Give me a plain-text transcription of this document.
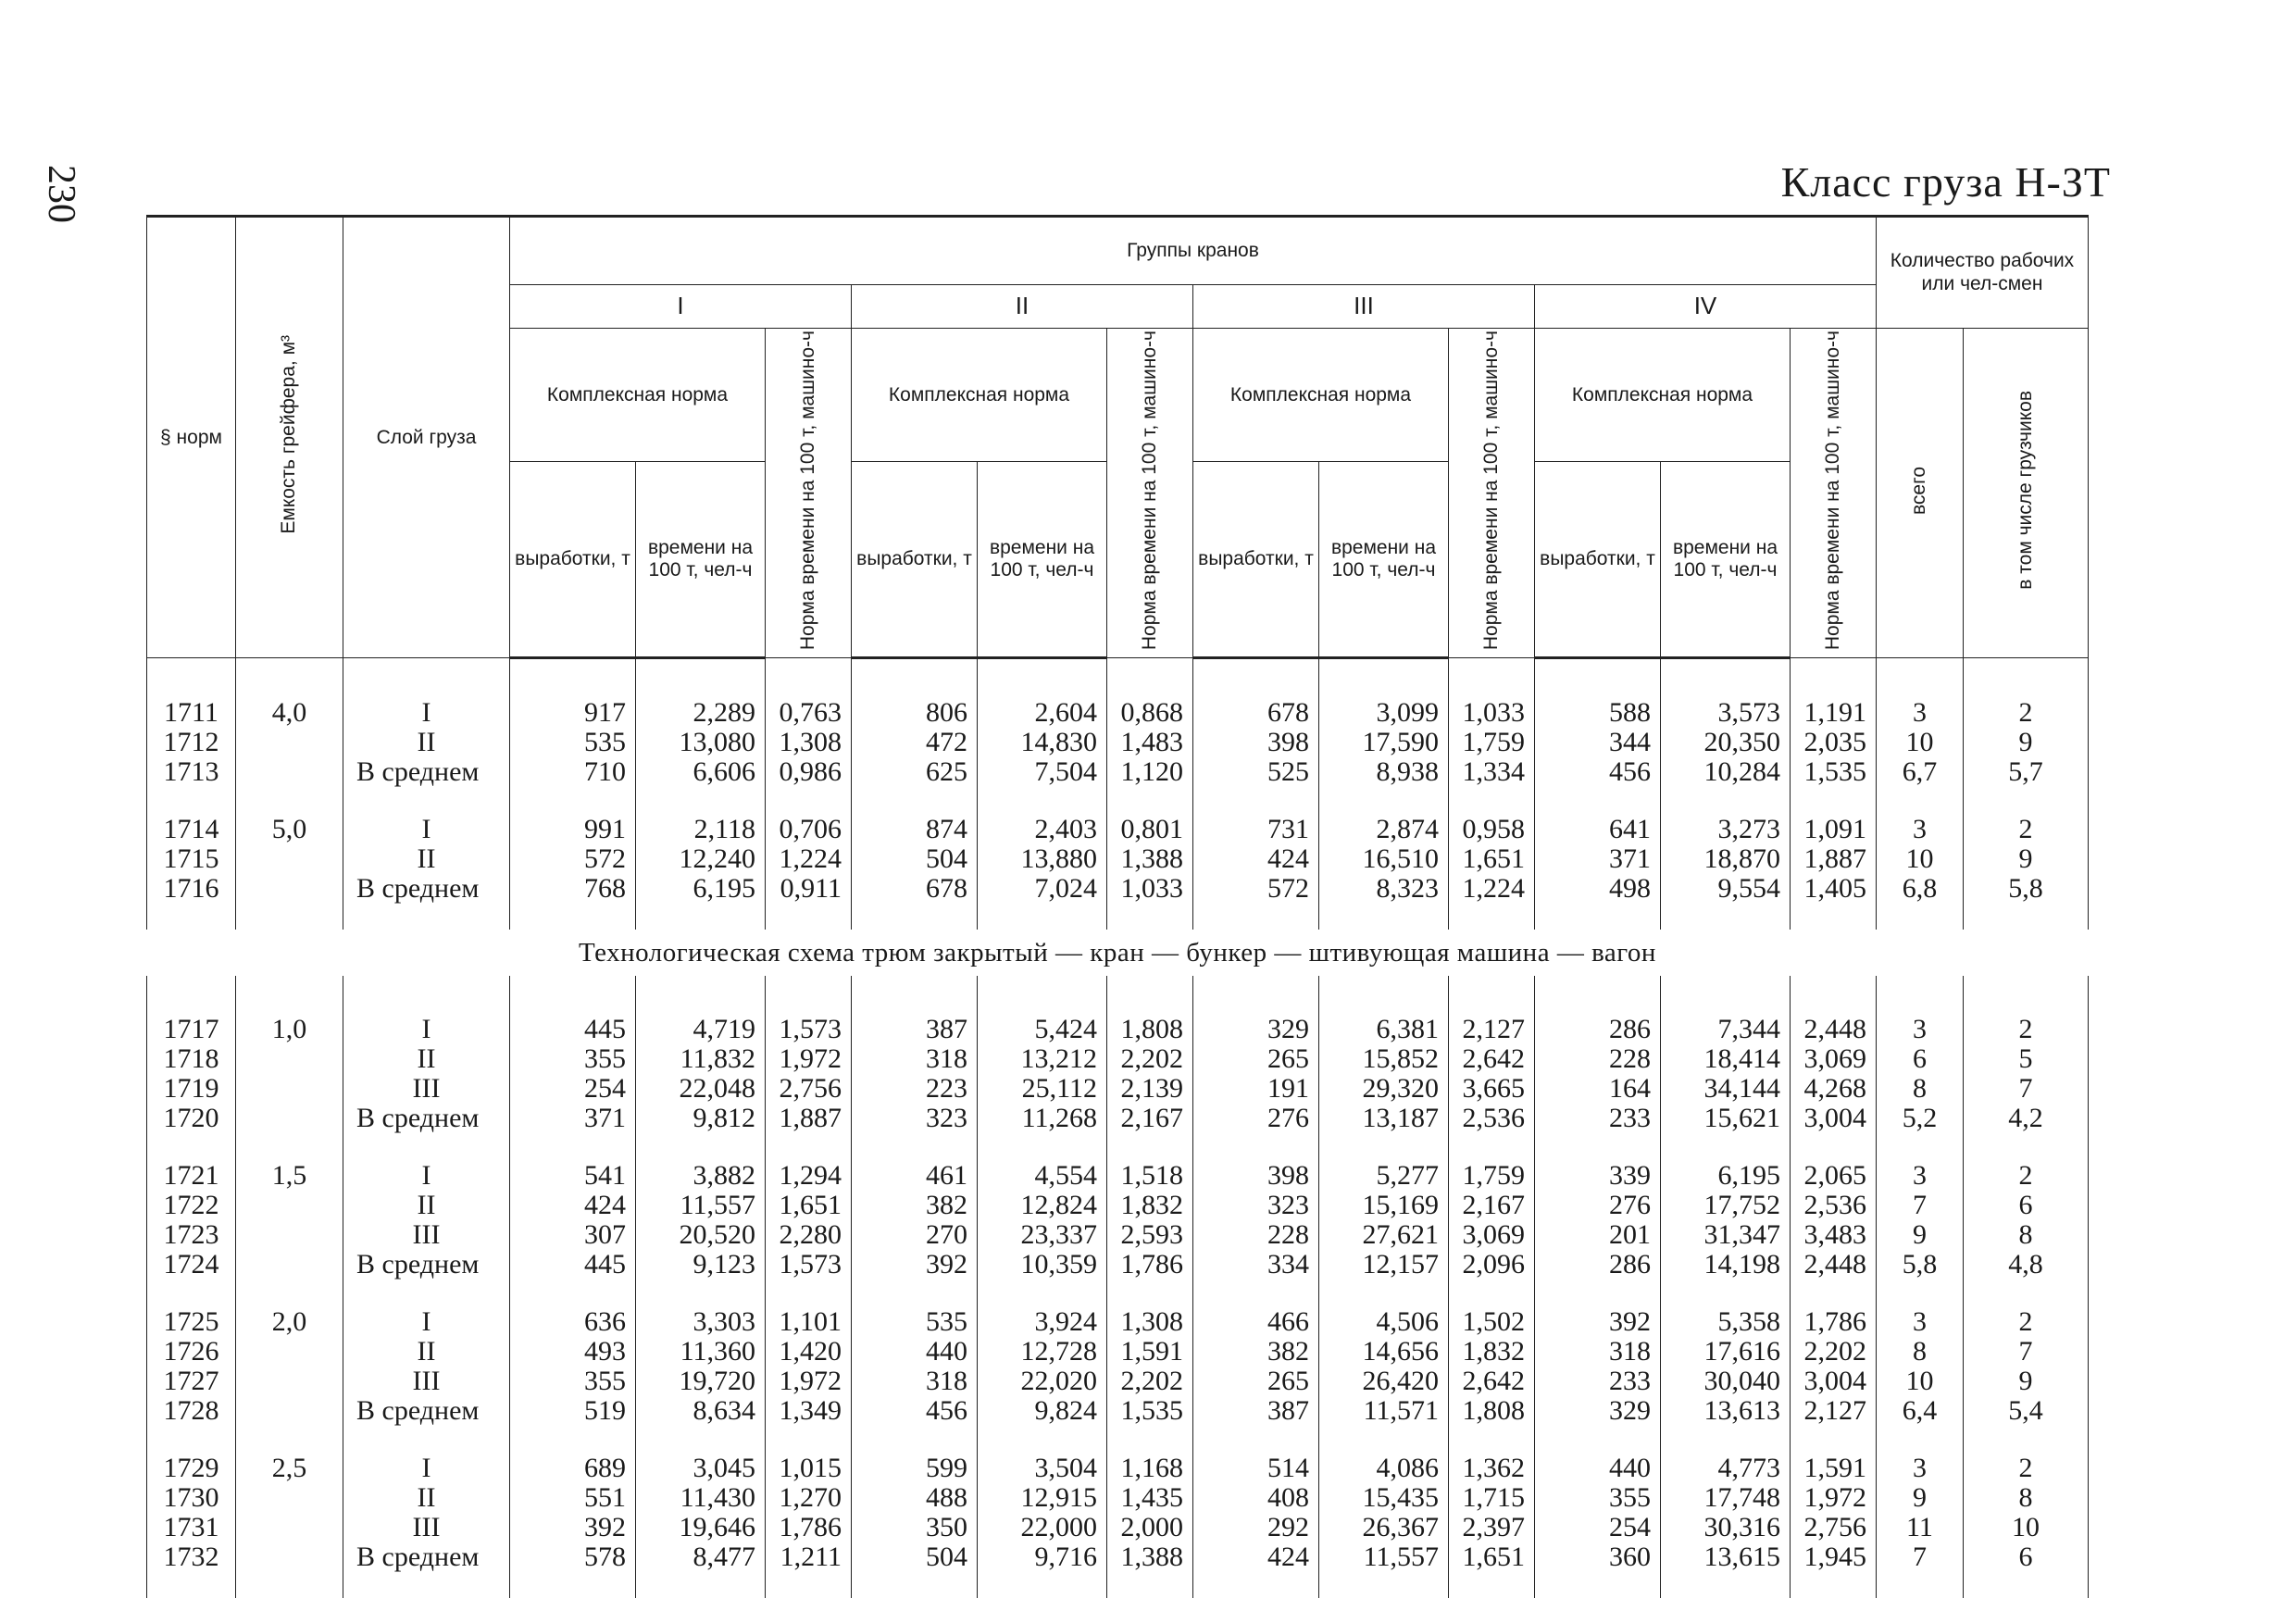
230	Класс груза Н-ЗТ
§ норм	Емкость грейфера, м³	Слой груза	Группы кранов												Количество рабочих или чел-смен	
			I			II			III			IV				
			Комплексная норма		Норма времени на 100 т, машино-ч	Комплексная норма		Норма времени на 100 т, машино-ч	Комплексная норма		Норма времени на 100 т, машино-ч	Комплексная норма		Норма времени на 100 т, машино-ч	всего	в том числе грузчиков
			выработки, т	времени на 100 т, чел-ч		выработки, т	времени на 100 т, чел-ч		выработки, т	времени на 100 т, чел-ч		выработки, т	времени на 100 т, чел-ч			

1711	4,0	I	917	2,289	0,763	806	2,604	0,868	678	3,099	1,033	588	3,573	1,191	3	2
1712		II	535	13,080	1,308	472	14,830	1,483	398	17,590	1,759	344	20,350	2,035	10	9
1713		В среднем	710	6,606	0,986	625	7,504	1,120	525	8,938	1,334	456	10,284	1,535	6,7	5,7

1714	5,0	I	991	2,118	0,706	874	2,403	0,801	731	2,874	0,958	641	3,273	1,091	3	2
1715		II	572	12,240	1,224	504	13,880	1,388	424	16,510	1,651	371	18,870	1,887	10	9
1716		В среднем	768	6,195	0,911	678	7,024	1,033	572	8,323	1,224	498	9,554	1,405	6,8	5,8

Технологическая схема трюм закрытый — кран — бункер — штивующая машина — вагон																

1717	1,0	I	445	4,719	1,573	387	5,424	1,808	329	6,381	2,127	286	7,344	2,448	3	2
1718		II	355	11,832	1,972	318	13,212	2,202	265	15,852	2,642	228	18,414	3,069	6	5
1719		III	254	22,048	2,756	223	25,112	2,139	191	29,320	3,665	164	34,144	4,268	8	7
1720		В среднем	371	9,812	1,887	323	11,268	2,167	276	13,187	2,536	233	15,621	3,004	5,2	4,2

1721	1,5	I	541	3,882	1,294	461	4,554	1,518	398	5,277	1,759	339	6,195	2,065	3	2
1722		II	424	11,557	1,651	382	12,824	1,832	323	15,169	2,167	276	17,752	2,536	7	6
1723		III	307	20,520	2,280	270	23,337	2,593	228	27,621	3,069	201	31,347	3,483	9	8
1724		В среднем	445	9,123	1,573	392	10,359	1,786	334	12,157	2,096	286	14,198	2,448	5,8	4,8

1725	2,0	I	636	3,303	1,101	535	3,924	1,308	466	4,506	1,502	392	5,358	1,786	3	2
1726		II	493	11,360	1,420	440	12,728	1,591	382	14,656	1,832	318	17,616	2,202	8	7
1727		III	355	19,720	1,972	318	22,020	2,202	265	26,420	2,642	233	30,040	3,004	10	9
1728		В среднем	519	8,634	1,349	456	9,824	1,535	387	11,571	1,808	329	13,613	2,127	6,4	5,4

1729	2,5	I	689	3,045	1,015	599	3,504	1,168	514	4,086	1,362	440	4,773	1,591	3	2
1730		II	551	11,430	1,270	488	12,915	1,435	408	15,435	1,715	355	17,748	1,972	9	8
1731		III	392	19,646	1,786	350	22,000	2,000	292	26,367	2,397	254	30,316	2,756	11	10
1732		В среднем	578	8,477	1,211	504	9,716	1,388	424	11,557	1,651	360	13,615	1,945	7	6
